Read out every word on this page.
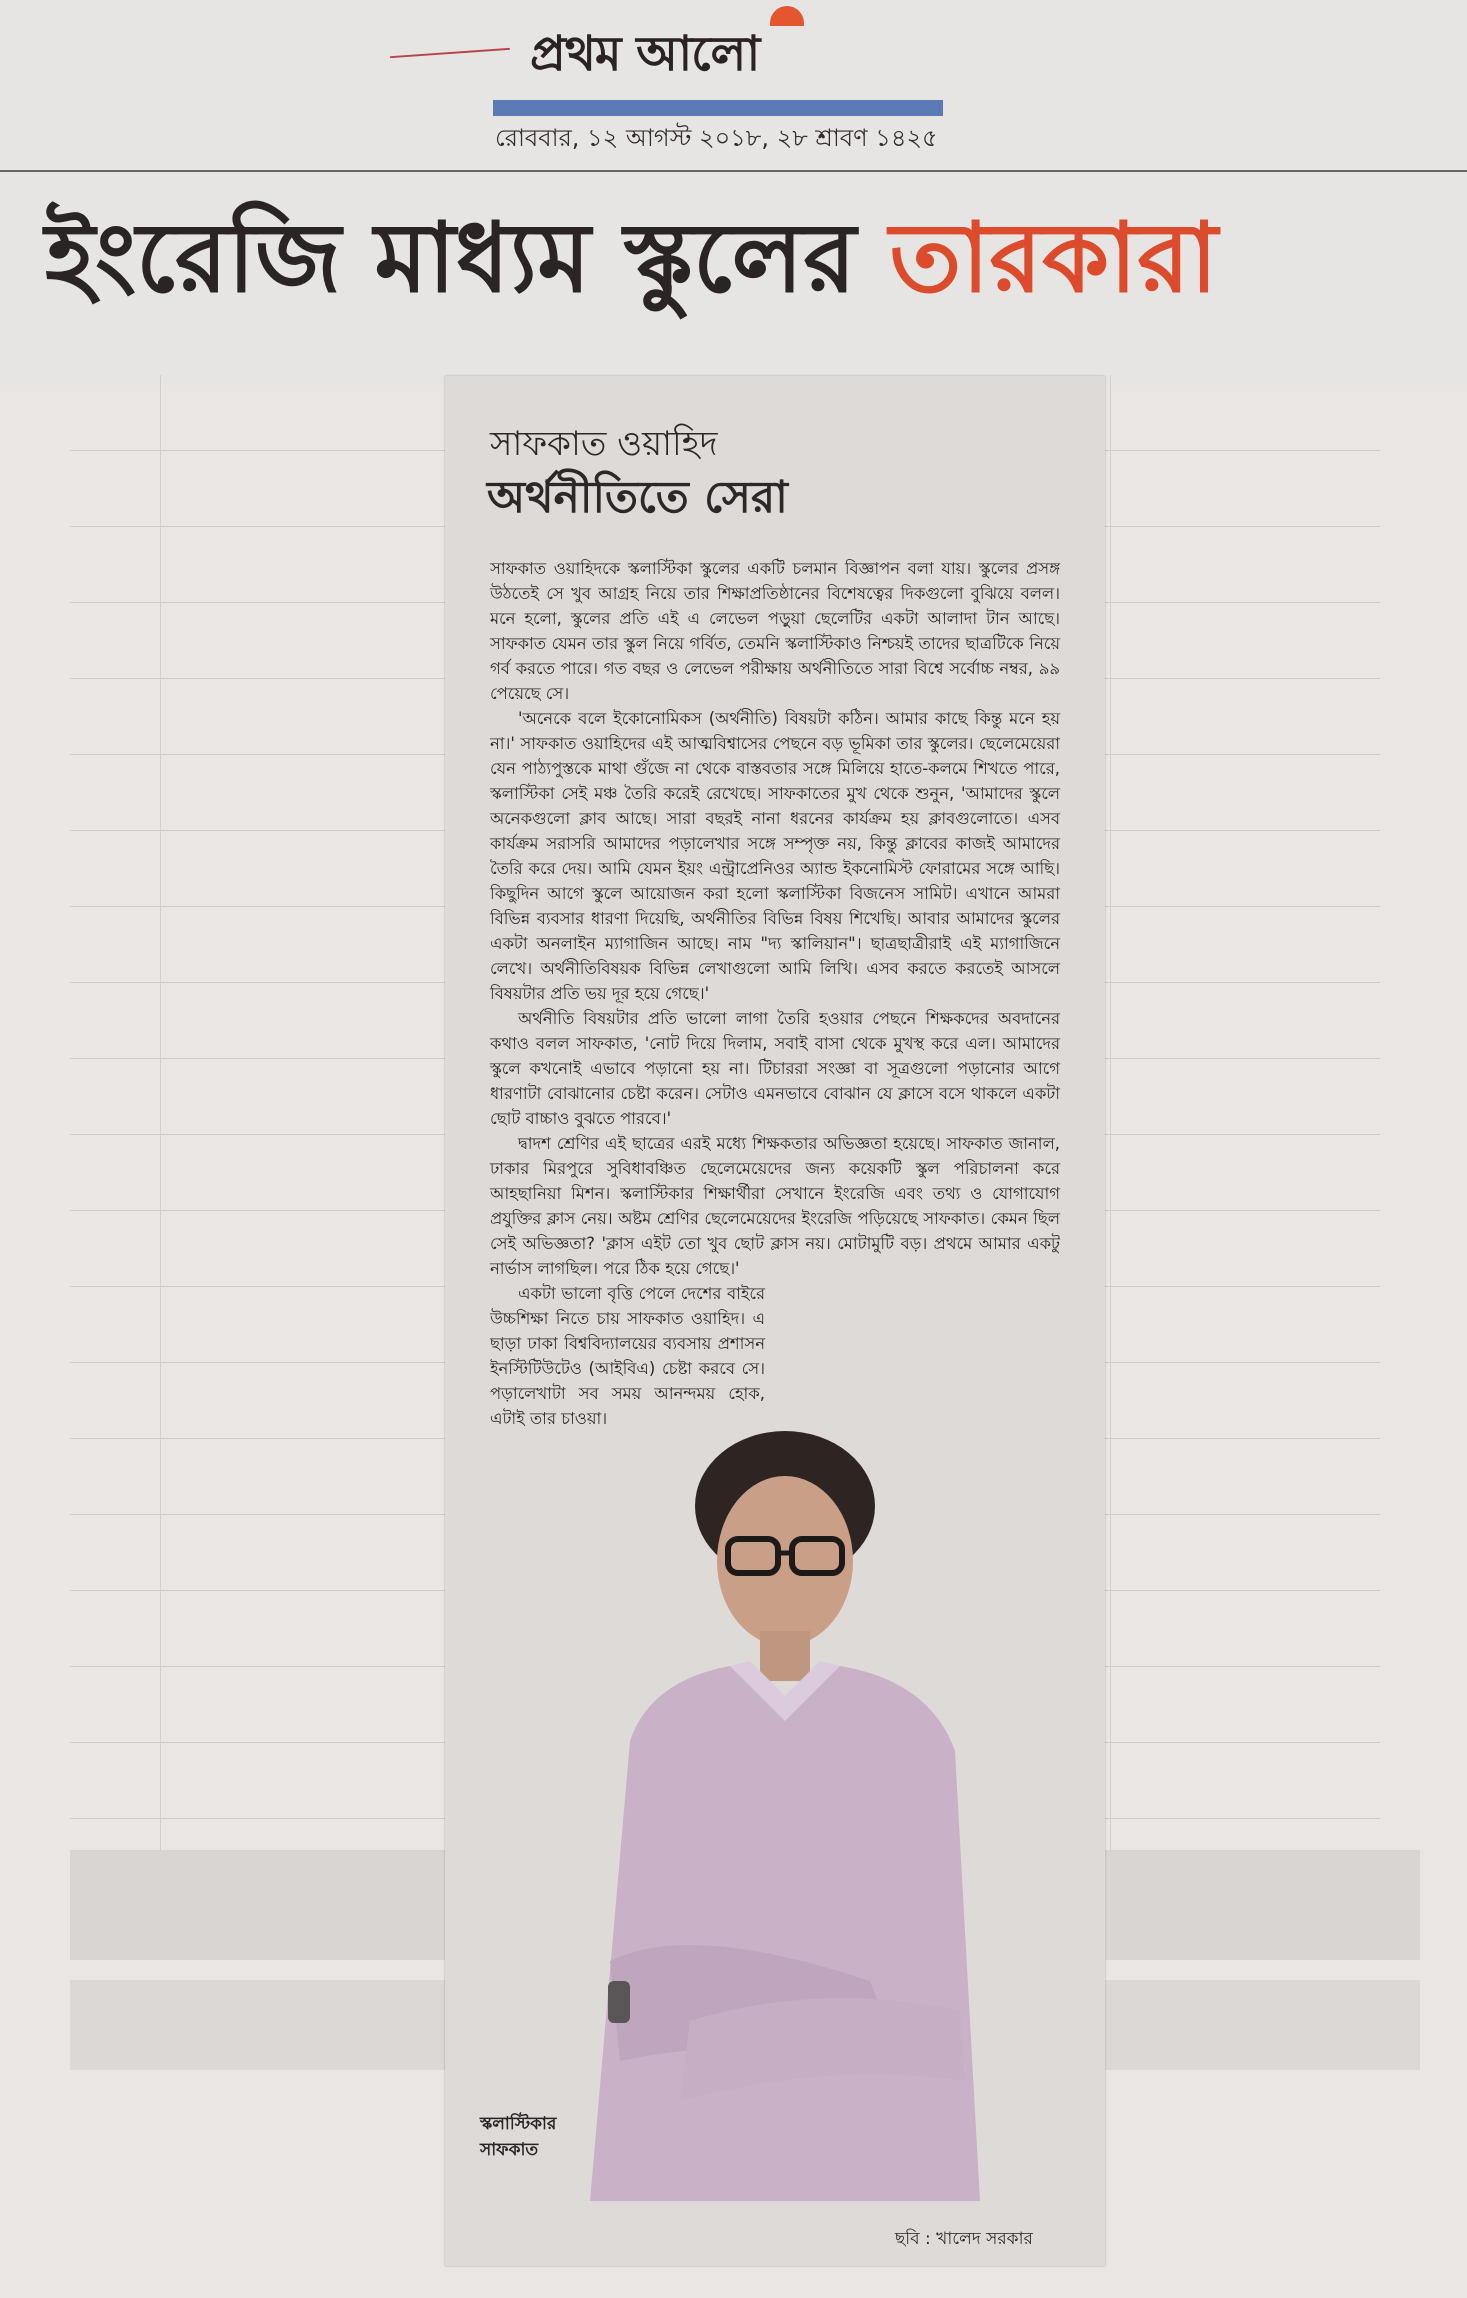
প্রথম আলো
রোববার, ১২ আগস্ট ২০১৮, ২৮ শ্রাবণ ১৪২৫
ইংরেজি মাধ্যম স্কুলের তারকারা
সাফকাত ওয়াহিদ
অর্থনীতিতে সেরা

সাফকাত ওয়াহিদকে স্কলাস্টিকা স্কুলের একটি চলমান বিজ্ঞাপন বলা যায়। স্কুলের প্রসঙ্গ উঠতেই সে খুব আগ্রহ নিয়ে তার শিক্ষাপ্রতিষ্ঠানের বিশেষত্বের দিকগুলো বুঝিয়ে বলল। মনে হলো, স্কুলের প্রতি এই এ লেভেল পড়ুয়া ছেলেটির একটা আলাদা টান আছে। সাফকাত যেমন তার স্কুল নিয়ে গর্বিত, তেমনি স্কলাস্টিকাও নিশ্চয়ই তাদের ছাত্রটিকে নিয়ে গর্ব করতে পারে। গত বছর ও লেভেল পরীক্ষায় অর্থনীতিতে সারা বিশ্বে সর্বোচ্চ নম্বর, ৯৯ পেয়েছে সে।

'অনেকে বলে ইকোনোমিকস (অর্থনীতি) বিষয়টা কঠিন। আমার কাছে কিন্তু মনে হয় না।' সাফকাত ওয়াহিদের এই আত্মবিশ্বাসের পেছনে বড় ভূমিকা তার স্কুলের। ছেলেমেয়েরা যেন পাঠ্যপুস্তকে মাথা গুঁজে না থেকে বাস্তবতার সঙ্গে মিলিয়ে হাতে-কলমে শিখতে পারে, স্কলাস্টিকা সেই মঞ্চ তৈরি করেই রেখেছে। সাফকাতের মুখ থেকে শুনুন, 'আমাদের স্কুলে অনেকগুলো ক্লাব আছে। সারা বছরই নানা ধরনের কার্যক্রম হয় ক্লাবগুলোতে। এসব কার্যক্রম সরাসরি আমাদের পড়ালেখার সঙ্গে সম্পৃক্ত নয়, কিন্তু ক্লাবের কাজই আমাদের তৈরি করে দেয়। আমি যেমন ইয়ং এন্ট্রাপ্রেনিওর অ্যান্ড ইকনোমিস্ট ফোরামের সঙ্গে আছি। কিছুদিন আগে স্কুলে আয়োজন করা হলো স্কলাস্টিকা বিজনেস সামিট। এখানে আমরা বিভিন্ন ব্যবসার ধারণা দিয়েছি, অর্থনীতির বিভিন্ন বিষয় শিখেছি। আবার আমাদের স্কুলের একটা অনলাইন ম্যাগাজিন আছে। নাম "দ্য স্কালিয়ান"। ছাত্রছাত্রীরাই এই ম্যাগাজিনে লেখে। অর্থনীতিবিষয়ক বিভিন্ন লেখাগুলো আমি লিখি। এসব করতে করতেই আসলে বিষয়টার প্রতি ভয় দূর হয়ে গেছে।'

অর্থনীতি বিষয়টার প্রতি ভালো লাগা তৈরি হওয়ার পেছনে শিক্ষকদের অবদানের কথাও বলল সাফকাত, 'নোট দিয়ে দিলাম, সবাই বাসা থেকে মুখস্থ করে এল। আমাদের স্কুলে কখনোই এভাবে পড়ানো হয় না। টিচাররা সংজ্ঞা বা সূত্রগুলো পড়ানোর আগে ধারণাটা বোঝানোর চেষ্টা করেন। সেটাও এমনভাবে বোঝান যে ক্লাসে বসে থাকলে একটা ছোট বাচ্চাও বুঝতে পারবে।'

দ্বাদশ শ্রেণির এই ছাত্রের এরই মধ্যে শিক্ষকতার অভিজ্ঞতা হয়েছে। সাফকাত জানাল, ঢাকার মিরপুরে সুবিধাবঞ্চিত ছেলেমেয়েদের জন্য কয়েকটি স্কুল পরিচালনা করে আহছানিয়া মিশন। স্কলাস্টিকার শিক্ষার্থীরা সেখানে ইংরেজি এবং তথ্য ও যোগাযোগ প্রযুক্তির ক্লাস নেয়। অষ্টম শ্রেণির ছেলেমেয়েদের ইংরেজি পড়িয়েছে সাফকাত। কেমন ছিল সেই অভিজ্ঞতা? 'ক্লাস এইট তো খুব ছোট ক্লাস নয়। মোটামুটি বড়। প্রথমে আমার একটু নার্ভাস লাগছিল। পরে ঠিক হয়ে গেছে।'

একটা ভালো বৃত্তি পেলে দেশের বাইরে উচ্চশিক্ষা নিতে চায় সাফকাত ওয়াহিদ। এ ছাড়া ঢাকা বিশ্ববিদ্যালয়ের ব্যবসায় প্রশাসন ইনস্টিটিউটেও (আইবিএ) চেষ্টা করবে সে। পড়ালেখাটা সব সময় আনন্দময় হোক, এটাই তার চাওয়া।

স্কলাস্টিকার
সাফকাত
ছবি : খালেদ সরকার
